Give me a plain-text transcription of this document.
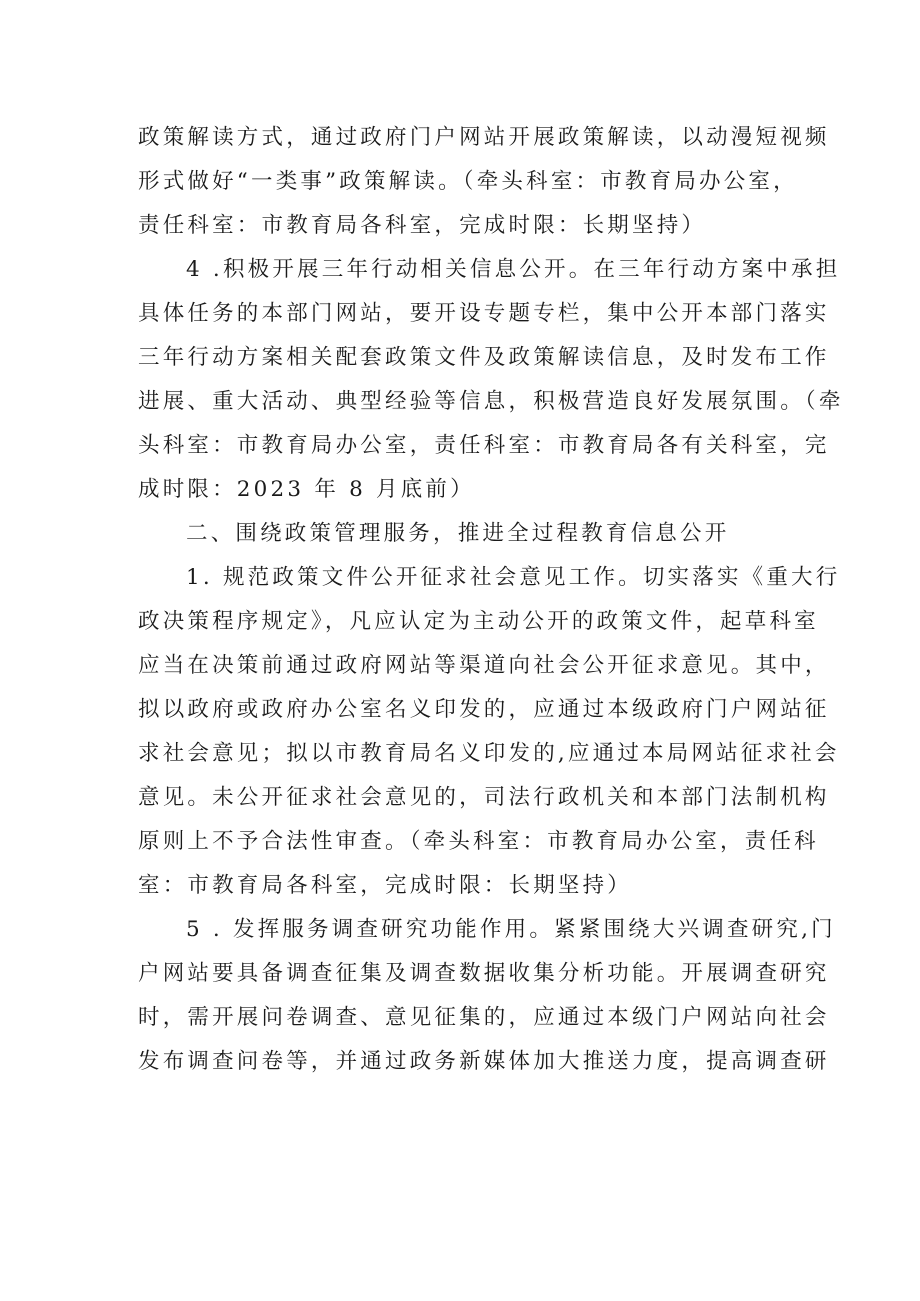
政策解读方式，通过政府门户网站开展政策解读，以动漫短视频
形式做好“一类事”政策解读。（牵头科室：市教育局办公室，
责任科室：市教育局各科室，完成时限：长期坚持）
4 .积极开展三年行动相关信息公开。在三年行动方案中承担
具体任务的本部门网站，要开设专题专栏，集中公开本部门落实
三年行动方案相关配套政策文件及政策解读信息，及时发布工作
进展、重大活动、典型经验等信息，积极营造良好发展氛围。（牵
头科室：市教育局办公室，责任科室：市教育局各有关科室，完
成时限：2023 年 8 月底前）
二、围绕政策管理服务，推进全过程教育信息公开
1. 规范政策文件公开征求社会意见工作。切实落实《重大行
政决策程序规定》，凡应认定为主动公开的政策文件，起草科室
应当在决策前通过政府网站等渠道向社会公开征求意见。其中，
拟以政府或政府办公室名义印发的，应通过本级政府门户网站征
求社会意见；拟以市教育局名义印发的,应通过本局网站征求社会
意见。未公开征求社会意见的，司法行政机关和本部门法制机构
原则上不予合法性审查。（牵头科室：市教育局办公室，责任科
室：市教育局各科室，完成时限：长期坚持）
5 . 发挥服务调查研究功能作用。紧紧围绕大兴调查研究,门
户网站要具备调查征集及调查数据收集分析功能。开展调查研究
时，需开展问卷调查、意见征集的，应通过本级门户网站向社会
发布调查问卷等，并通过政务新媒体加大推送力度，提高调查研
